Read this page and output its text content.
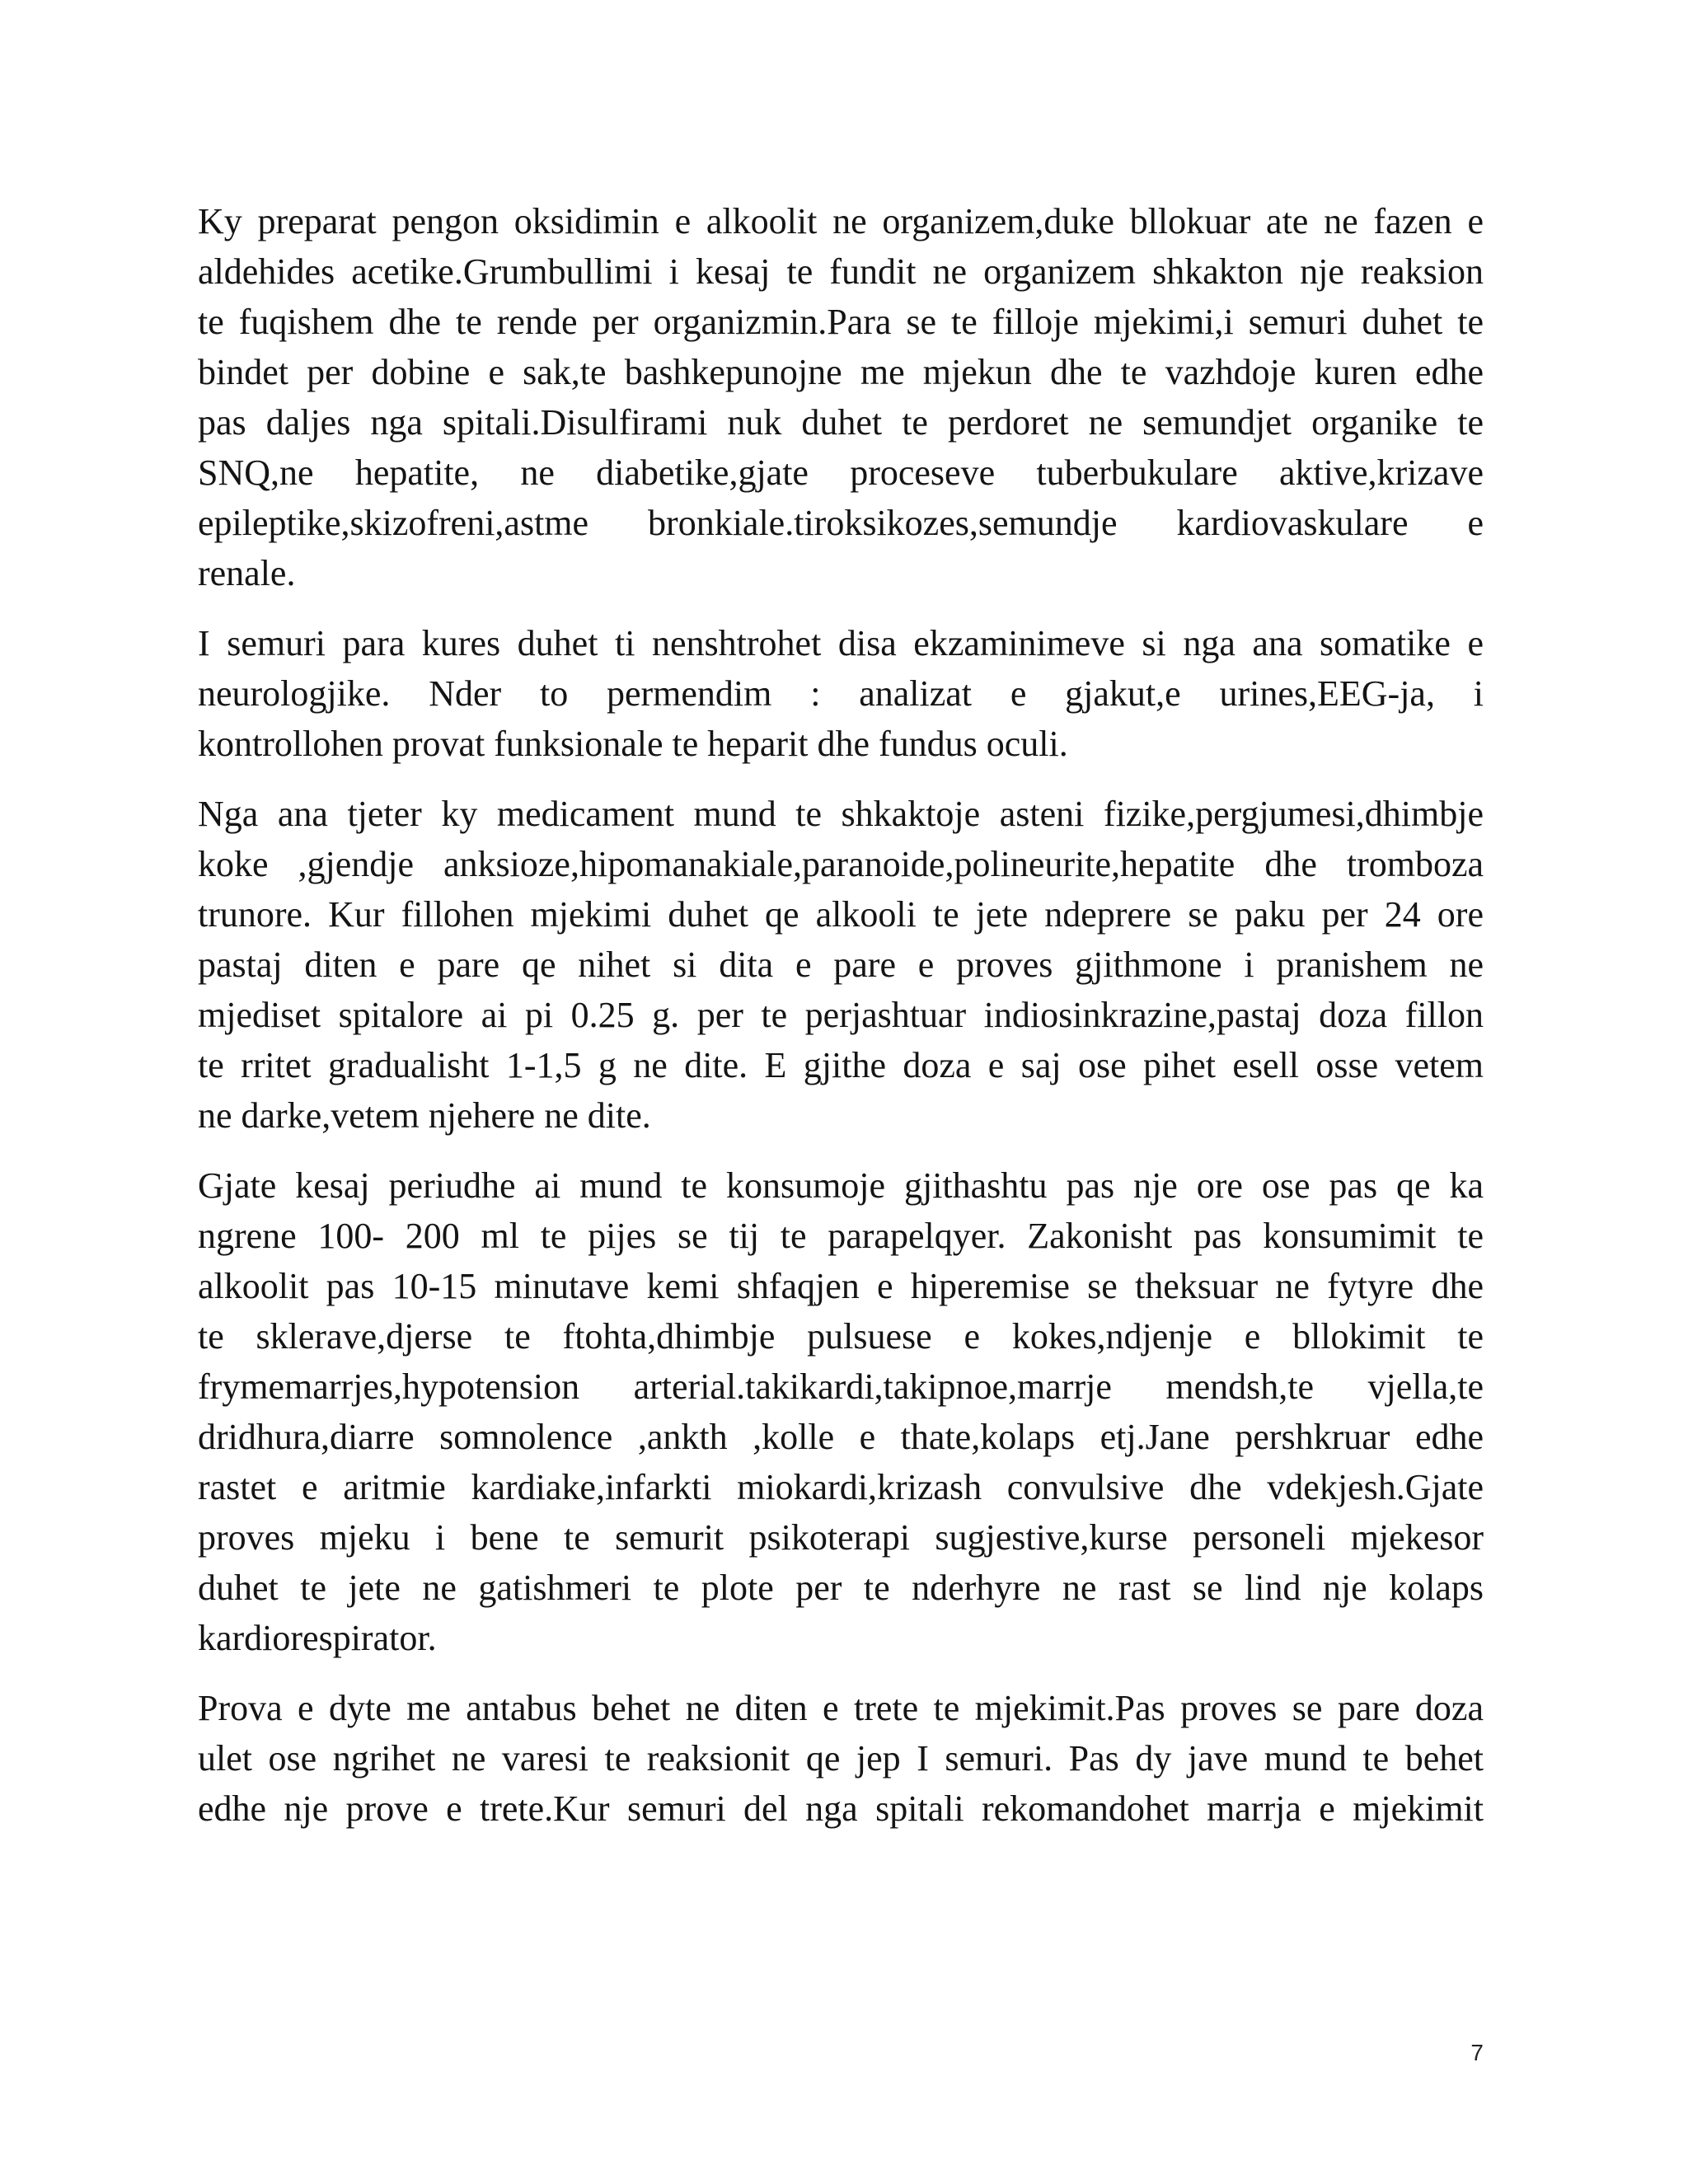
Ky preparat pengon oksidimin e alkoolit ne organizem,duke bllokuar ate ne fazen e
aldehides acetike.Grumbullimi i kesaj te fundit ne organizem shkakton nje reaksion
te fuqishem dhe te rende per organizmin.Para se te filloje mjekimi,i semuri duhet te
bindet per dobine e sak,te bashkepunojne me mjekun dhe te vazhdoje kuren edhe
pas daljes nga spitali.Disulfirami nuk duhet te perdoret ne semundjet organike te
SNQ,ne hepatite, ne diabetike,gjate proceseve tuberbukulare aktive,krizave
epileptike,skizofreni,astme bronkiale.tiroksikozes,semundje kardiovaskulare e
renale.
I semuri para kures duhet ti nenshtrohet disa ekzaminimeve si nga ana somatike e
neurologjike. Nder to permendim : analizat e gjakut,e urines,EEG-ja, i
kontrollohen provat funksionale te heparit dhe fundus oculi.
Nga ana tjeter ky medicament mund te shkaktoje asteni fizike,pergjumesi,dhimbje
koke ,gjendje anksioze,hipomanakiale,paranoide,polineurite,hepatite dhe tromboza
trunore. Kur fillohen mjekimi duhet qe alkooli te jete ndeprere se paku per 24 ore
pastaj diten e pare qe nihet si dita e pare e proves gjithmone i pranishem ne
mjediset spitalore ai pi 0.25 g. per te perjashtuar indiosinkrazine,pastaj doza fillon
te rritet gradualisht 1-1,5 g ne dite. E gjithe doza e saj ose pihet esell osse vetem
ne darke,vetem njehere ne dite.
Gjate kesaj periudhe ai mund te konsumoje gjithashtu pas nje ore ose pas qe ka
ngrene 100- 200 ml te pijes se tij te parapelqyer. Zakonisht pas konsumimit te
alkoolit pas 10-15 minutave kemi shfaqjen e hiperemise se theksuar ne fytyre dhe
te sklerave,djerse te ftohta,dhimbje pulsuese e kokes,ndjenje e bllokimit te
frymemarrjes,hypotension arterial.takikardi,takipnoe,marrje mendsh,te vjella,te
dridhura,diarre somnolence ,ankth ,kolle e thate,kolaps etj.Jane pershkruar edhe
rastet e aritmie kardiake,infarkti miokardi,krizash convulsive dhe vdekjesh.Gjate
proves mjeku i bene te semurit psikoterapi sugjestive,kurse personeli mjekesor
duhet te jete ne gatishmeri te plote per te nderhyre ne rast se lind nje kolaps
kardiorespirator.
Prova e dyte me antabus behet ne diten e trete te mjekimit.Pas proves se pare doza
ulet ose ngrihet ne varesi te reaksionit qe jep I semuri. Pas dy jave mund te behet
edhe nje prove e trete.Kur semuri del nga spitali rekomandohet marrja e mjekimit
7
